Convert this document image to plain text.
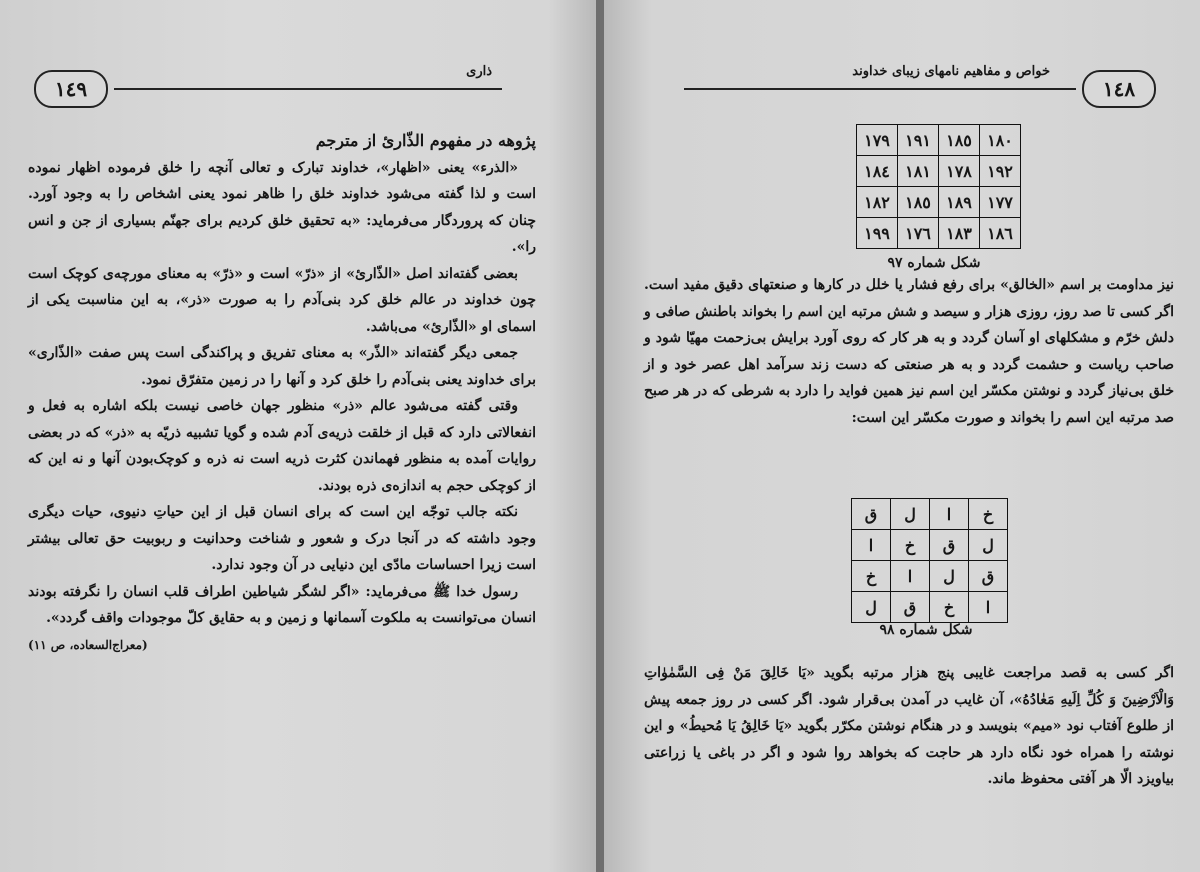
١٤٩
ذاری

پژوهه در مفهوم الذّاریٔ از مترجم

«الذرء» یعنی «اظهار»، خداوند تبارک و تعالی آنچه را خلق فرموده اظهار نموده است و لذا گفته می‌شود خداوند خلق را ظاهر نمود یعنی اشخاص را به وجود آورد. چنان که پروردگار می‌فرماید: «به تحقیق خلق کردیم برای جهنّم بسیاری از جن و انس را».

بعضی گفته‌اند اصل «الذّاریٔ» از «ذرّ» است و «ذرّ» به معنای مورچه‌ی کوچک است چون خداوند در عالم خلق کرد بنی‌آدم را به صورت «ذر»، به این مناسبت یکی از اسمای او «الذّاریٔ» می‌باشد.

جمعی دیگر گفته‌اند «الذّر» به معنای تفریق و پراکندگی است پس صفت «الذّاری» برای خداوند یعنی بنی‌آدم را خلق کرد و آنها را در زمین متفرّق نمود.

وقتی گفته می‌شود عالم «ذر» منظور جهان خاصی نیست بلکه اشاره به فعل و انفعالاتی دارد که قبل از خلقت ذریه‌ی آدم شده و گویا تشبیه ذریّه به «ذر» که در بعضی روایات آمده به منظور فهماندن کثرت ذریه است نه ذره و کوچک‌بودن آنها و نه این که از کوچکی حجم به اندازه‌ی ذره بودند.

نکته جالب توجّه این است که برای انسان قبل از این حیاتِ دنیوی، حیات دیگری وجود داشته که در آنجا درک و شعور و شناخت وحدانیت و ربوبیت حق تعالی بیشتر است زیرا احساسات مادّی این دنیایی در آن وجود ندارد.

رسول خدا ﷺ می‌فرماید: «اگر لشگر شیاطین اطراف قلب انسان را نگرفته بودند انسان می‌توانست به ملکوت آسمانها و زمین و به حقایق کلّ موجودات واقف گردد».
(معراج‌السعاده، ص ١١)

١٤٨
خواص و مفاهیم نامهای زیبای خداوند
١٨٠	١٨٥	١٩١	١٧٩
١٩٢	١٧٨	١٨١	١٨٤
١٧٧	١٨٩	١٨٥	١٨٢
١٨٦	١٨٣	١٧٦	١٩٩
شکل شماره ٩٧

نیز مداومت بر اسم «الخالق» برای رفع فشار یا خلل در کارها و صنعتهای دقیق مفید است. اگر کسی تا صد روز، روزی هزار و سیصد و شش مرتبه این اسم را بخواند باطنش صافی و دلش خرّم و مشکلهای او آسان گردد و به هر کار که روی آورد برایش بی‌زحمت مهیّا شود و صاحب ریاست و حشمت گردد و به هر صنعتی که دست زند سرآمد اهل عصر خود و از خلق بی‌نیاز گردد و نوشتن مکسّر این اسم نیز همین فواید را دارد به شرطی که در هر صبح صد مرتبه این اسم را بخواند و صورت مکسّر این است:

خ	ا	ل	ق
ل	ق	خ	ا
ق	ل	ا	خ
ا	خ	ق	ل
شکل شماره ٩٨

اگر کسی به قصد مراجعت غایبی پنج هزار مرتبه بگوید «یَا خَالِقَ مَنْ فِی السَّمٰوٰاتِ وَالْاَرْضِینَ وَ کُلِّ اِلَیهِ مَعٰادُهُ»، آن غایب در آمدن بی‌قرار شود. اگر کسی در روز جمعه پیش از طلوع آفتاب نود «میم» بنویسد و در هنگام نوشتن مکرّر بگوید «یَا خَالِقُ یَا مُحیطُ» و این نوشته را همراه خود نگاه دارد هر حاجت که بخواهد روا شود و اگر در باغی یا زراعتی بیاویزد الّا هر آفتی محفوظ ماند.
